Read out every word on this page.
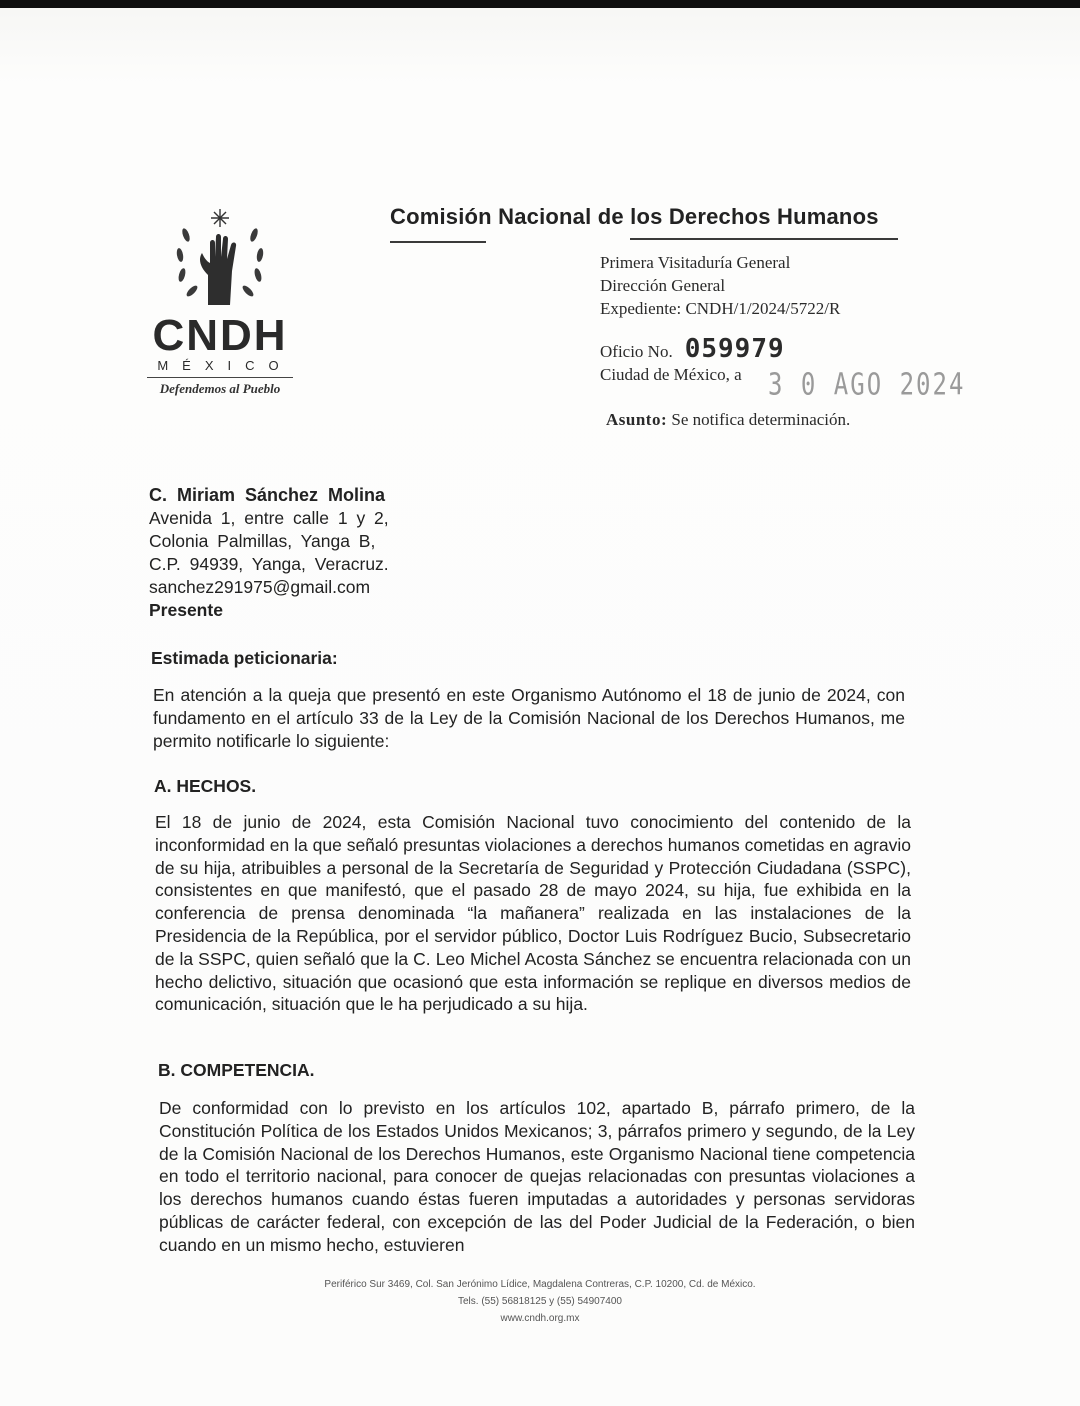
CNDH
MÉXICO
Defendemos al Pueblo
Comisión Nacional de los Derechos Humanos
Primera Visitaduría General
Dirección General
Expediente: CNDH/1/2024/5722/R
Oficio No. 059979
Ciudad de México, a 3 0 AGO 2024
Asunto: Se notifica determinación.
C. Miriam Sánchez Molina
Avenida 1, entre calle 1 y 2,
Colonia Palmillas, Yanga B,
C.P. 94939, Yanga, Veracruz.
sanchez291975@gmail.com
Presente
Estimada peticionaria:

En atención a la queja que presentó en este Organismo Autónomo el 18 de junio de 2024, con fundamento en el artículo 33 de la Ley de la Comisión Nacional de los Derechos Humanos, me permito notificarle lo siguiente:

A. HECHOS.

El 18 de junio de 2024, esta Comisión Nacional tuvo conocimiento del contenido de la inconformidad en la que señaló presuntas violaciones a derechos humanos cometidas en agravio de su hija, atribuibles a personal de la Secretaría de Seguridad y Protección Ciudadana (SSPC), consistentes en que manifestó, que el pasado 28 de mayo 2024, su hija, fue exhibida en la conferencia de prensa denominada “la mañanera” realizada en las instalaciones de la Presidencia de la República, por el servidor público, Doctor Luis Rodríguez Bucio, Subsecretario de la SSPC, quien señaló que la C. Leo Michel Acosta Sánchez se encuentra relacionada con un hecho delictivo, situación que ocasionó que esta información se replique en diversos medios de comunicación, situación que le ha perjudicado a su hija.

B. COMPETENCIA.

De conformidad con lo previsto en los artículos 102, apartado B, párrafo primero, de la Constitución Política de los Estados Unidos Mexicanos; 3, párrafos primero y segundo, de la Ley de la Comisión Nacional de los Derechos Humanos, este Organismo Nacional tiene competencia en todo el territorio nacional, para conocer de quejas relacionadas con presuntas violaciones a los derechos humanos cuando éstas fueren imputadas a autoridades y personas servidoras públicas de carácter federal, con excepción de las del Poder Judicial de la Federación, o bien cuando en un mismo hecho, estuvieren

Periférico Sur 3469, Col. San Jerónimo Lídice, Magdalena Contreras, C.P. 10200, Cd. de México.
Tels. (55) 56818125 y (55) 54907400
www.cndh.org.mx
